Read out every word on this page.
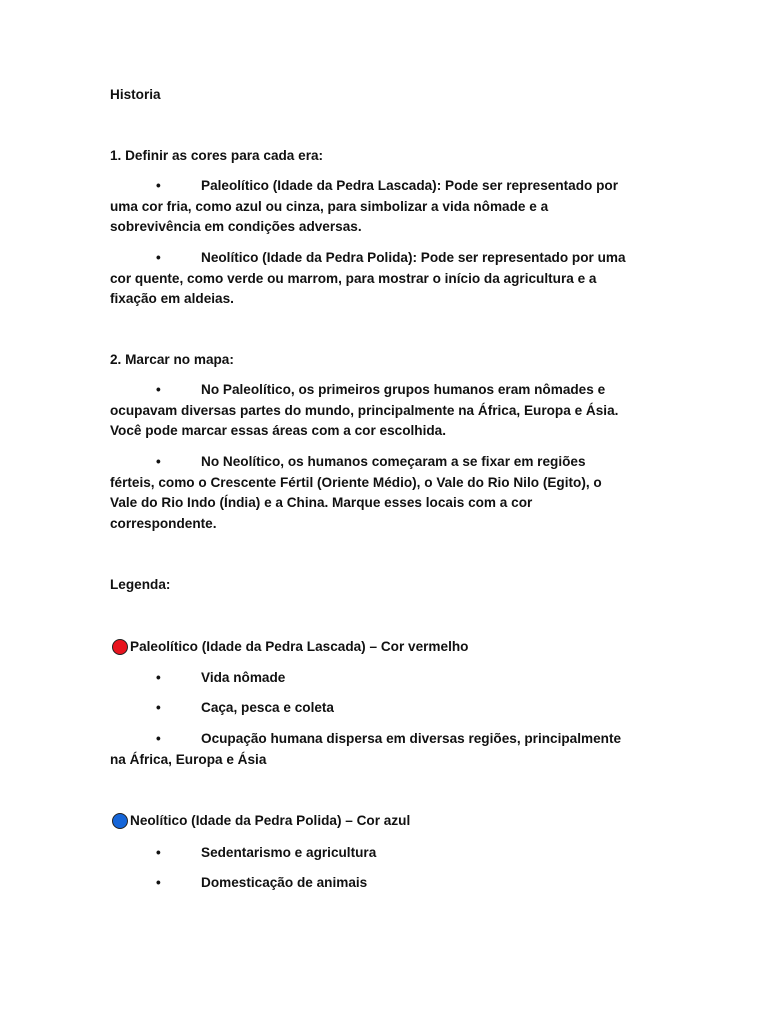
Historia
1. Definir as cores para cada era:
•	Paleolítico (Idade da Pedra Lascada): Pode ser representado por
uma cor fria, como azul ou cinza, para simbolizar a vida nômade e a
sobrevivência em condições adversas.
•	Neolítico (Idade da Pedra Polida): Pode ser representado por uma
cor quente, como verde ou marrom, para mostrar o início da agricultura e a
fixação em aldeias.
2. Marcar no mapa:
•	No Paleolítico, os primeiros grupos humanos eram nômades e
ocupavam diversas partes do mundo, principalmente na África, Europa e Ásia.
Você pode marcar essas áreas com a cor escolhida.
•	No Neolítico, os humanos começaram a se fixar em regiões
férteis, como o Crescente Fértil (Oriente Médio), o Vale do Rio Nilo (Egito), o
Vale do Rio Indo (Índia) e a China. Marque esses locais com a cor
correspondente.
Legenda:
Paleolítico (Idade da Pedra Lascada) – Cor vermelho
•	Vida nômade
•	Caça, pesca e coleta
•	Ocupação humana dispersa em diversas regiões, principalmente
na África, Europa e Ásia
Neolítico (Idade da Pedra Polida) – Cor azul
•	Sedentarismo e agricultura
•	Domesticação de animais
